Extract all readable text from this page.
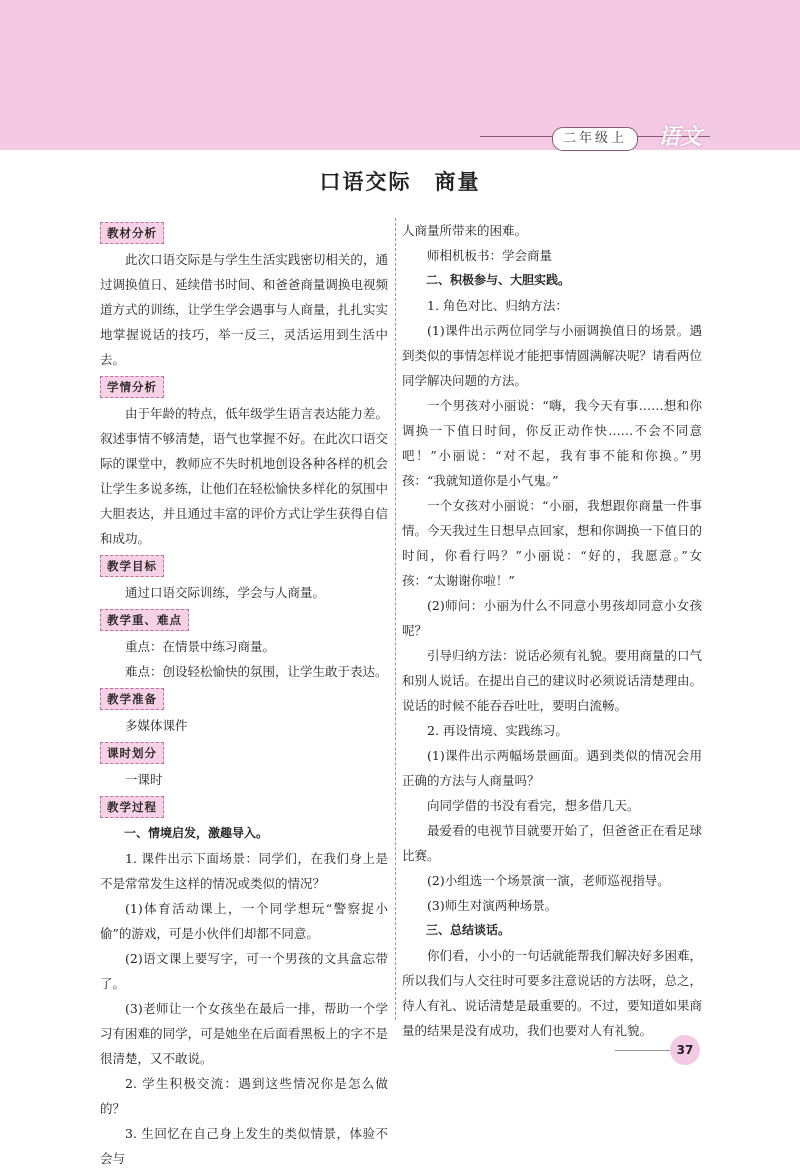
二年级上	语文
口语交际　商量
教材分析

此次口语交际是与学生生活实践密切相关的，通过调换值日、延续借书时间、和爸爸商量调换电视频道方式的训练，让学生学会遇事与人商量，扎扎实实地掌握说话的技巧，举一反三，灵活运用到生活中去。

学情分析

由于年龄的特点，低年级学生语言表达能力差。叙述事情不够清楚，语气也掌握不好。在此次口语交际的课堂中，教师应不失时机地创设各种各样的机会让学生多说多练，让他们在轻松愉快多样化的氛围中大胆表达，并且通过丰富的评价方式让学生获得自信和成功。

教学目标

通过口语交际训练，学会与人商量。

教学重、难点

重点：在情景中练习商量。

难点：创设轻松愉快的氛围，让学生敢于表达。

教学准备

多媒体课件

课时划分

一课时

教学过程

一、情境启发，激趣导入。

1. 课件出示下面场景：同学们，在我们身上是不是常常发生这样的情况或类似的情况？

(1)体育活动课上，一个同学想玩“警察捉小偷”的游戏，可是小伙伴们却都不同意。

(2)语文课上要写字，可一个男孩的文具盒忘带了。

(3)老师让一个女孩坐在最后一排，帮助一个学习有困难的同学，可是她坐在后面看黑板上的字不是很清楚，又不敢说。

2. 学生积极交流：遇到这些情况你是怎么做的？

3. 生回忆在自己身上发生的类似情景，体验不会与

人商量所带来的困难。

师相机板书：学会商量

二、积极参与、大胆实践。

1. 角色对比、归纳方法：

(1)课件出示两位同学与小丽调换值日的场景。遇到类似的事情怎样说才能把事情圆满解决呢？请看两位同学解决问题的方法。

一个男孩对小丽说：“嗨，我今天有事……想和你调换一下值日时间，你反正动作快……不会不同意吧！”小丽说：“对不起，我有事不能和你换。”男孩：“我就知道你是小气鬼。”

一个女孩对小丽说：“小丽，我想跟你商量一件事情。今天我过生日想早点回家，想和你调换一下值日的时间，你看行吗？”小丽说：“好的，我愿意。”女孩：“太谢谢你啦！”

(2)师问：小丽为什么不同意小男孩却同意小女孩呢？

引导归纳方法：说话必须有礼貌。要用商量的口气和别人说话。在提出自己的建议时必须说话清楚理由。说话的时候不能吞吞吐吐，要明白流畅。

2. 再设情境、实践练习。

(1)课件出示两幅场景画面。遇到类似的情况会用正确的方法与人商量吗？

向同学借的书没有看完，想多借几天。

最爱看的电视节目就要开始了，但爸爸正在看足球比赛。

(2)小组选一个场景演一演，老师巡视指导。

(3)师生对演两种场景。

三、总结谈话。

你们看，小小的一句话就能帮我们解决好多困难，所以我们与人交往时可要多注意说话的方法呀，总之，待人有礼、说话清楚是最重要的。不过，要知道如果商量的结果是没有成功，我们也要对人有礼貌。

37
